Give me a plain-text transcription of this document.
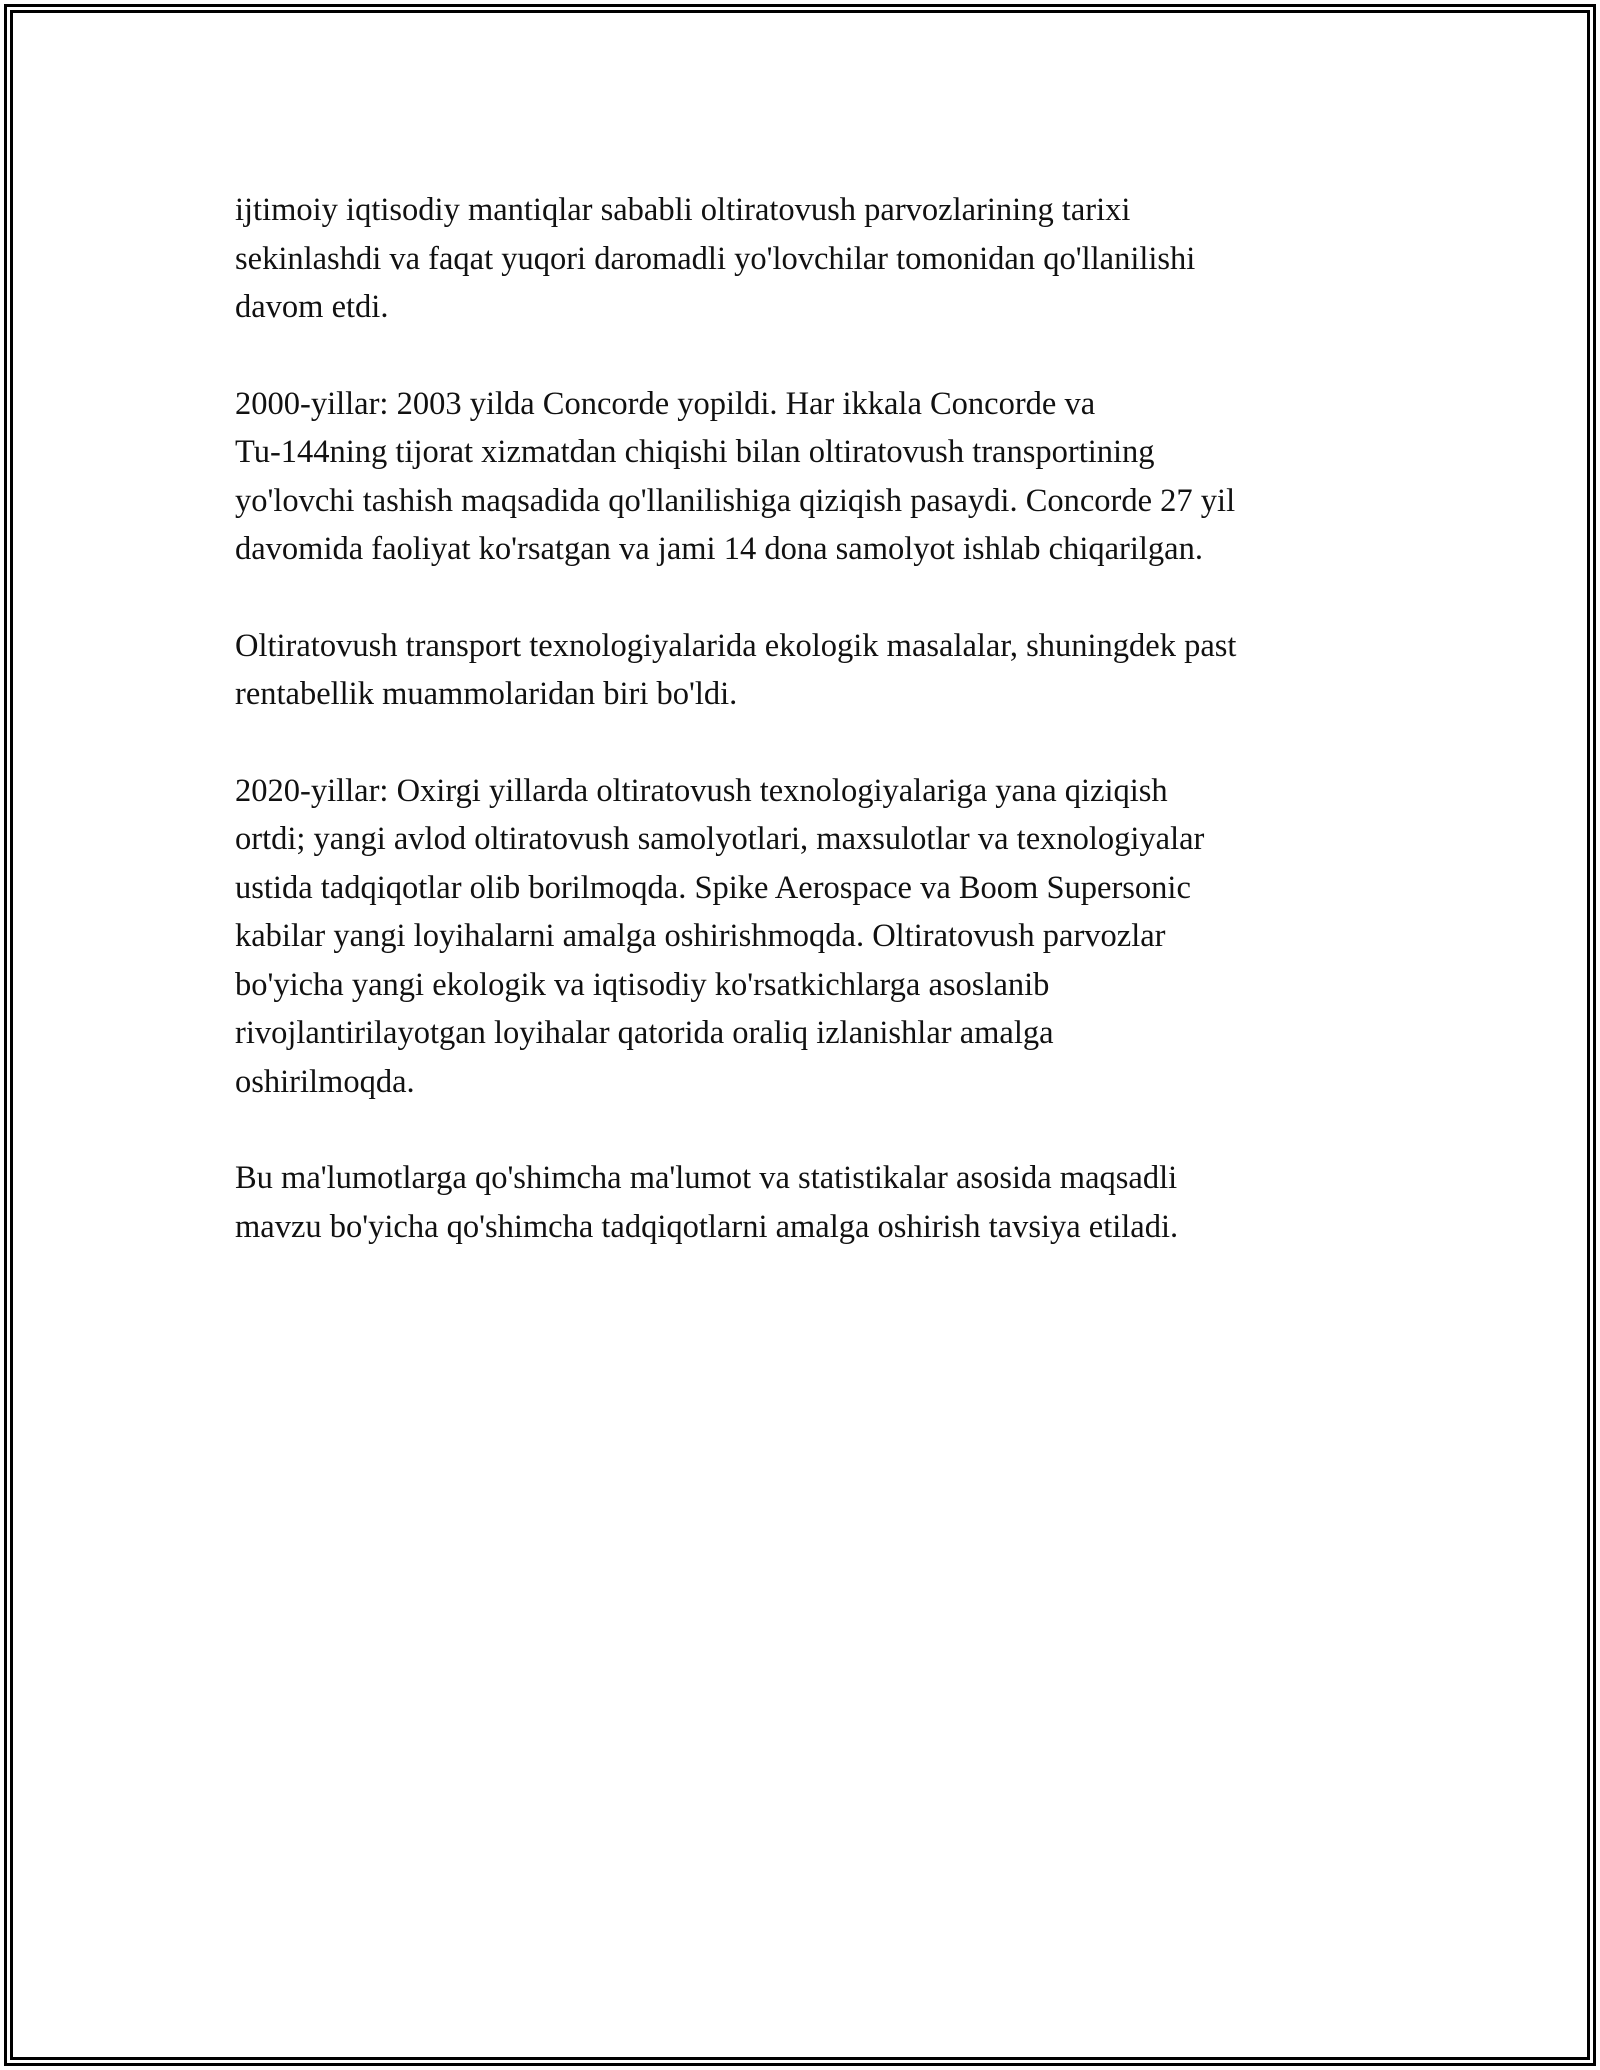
ijtimoiy iqtisodiy mantiqlar sababli oltiratovush parvozlarining tarixi
sekinlashdi va faqat yuqori daromadli yo'lovchilar tomonidan qo'llanilishi
davom etdi.

2000-yillar: 2003 yilda Concorde yopildi. Har ikkala Concorde va
Tu-144ning tijorat xizmatdan chiqishi bilan oltiratovush transportining
yo'lovchi tashish maqsadida qo'llanilishiga qiziqish pasaydi. Concorde 27 yil
davomida faoliyat ko'rsatgan va jami 14 dona samolyot ishlab chiqarilgan.

Oltiratovush transport texnologiyalarida ekologik masalalar, shuningdek past
rentabellik muammolaridan biri bo'ldi.

2020-yillar: Oxirgi yillarda oltiratovush texnologiyalariga yana qiziqish
ortdi; yangi avlod oltiratovush samolyotlari, maxsulotlar va texnologiyalar
ustida tadqiqotlar olib borilmoqda. Spike Aerospace va Boom Supersonic
kabilar yangi loyihalarni amalga oshirishmoqda. Oltiratovush parvozlar
bo'yicha yangi ekologik va iqtisodiy ko'rsatkichlarga asoslanib
rivojlantirilayotgan loyihalar qatorida oraliq izlanishlar amalga
oshirilmoqda.

Bu ma'lumotlarga qo'shimcha ma'lumot va statistikalar asosida maqsadli
mavzu bo'yicha qo'shimcha tadqiqotlarni amalga oshirish tavsiya etiladi.
